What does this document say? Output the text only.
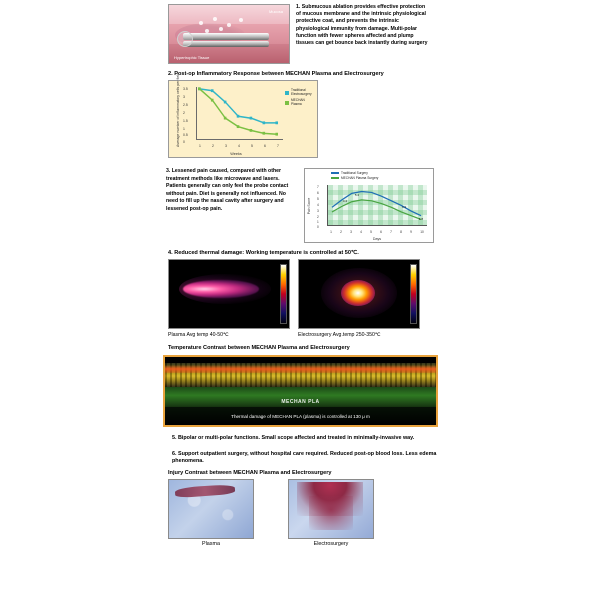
Mucosa
Hypertrophic Tissue
1. Submucous ablation provides effective protection of mucous membrane and the intrinsic physiological protective coat, and prevents the intrinsic physiological immunity from damage. Multi-polar function with fewer spheres affected and plump tissues can get bounce back instantly during surgery
2. Post-op Inflammatory Response between MECHAN Plasma and Electrosurgery
Average number of inflammatory cells per field 3.5
3
2.5
2
1.5
1
0.5
0
1	2	3	4	5	6	7
Weeks
Traditional Electrosurgery
MECHAN Plasma
3. Lessened pain caused, compared with other treatment methods like microwave and lasers. Patients generally can only feel the probe contact without pain. Diet is generally not influenced. No need to fill up the nasal cavity after surgery and lessened post-op pain.
Traditional Surgery
MECHAN Plasma Surgery
Pain Score
7
6
5
4
3
2
1
0
4.4
5.4
4.3
1.8
1	2	3	4	5	6	7	8	9	10
Days
4. Reduced thermal damage: Working temperature is controlled at 50℃.
Plasma Avg temp 40-50℃	Electrosurgery Avg.temp 250-350℃
Temperature Contrast between MECHAN Plasma and Electrosurgery
MECHAN PLA
Thermal damage of MECHAN PLA (plasma) is controlled at 130 μ m
5. Bipolar or multi-polar functions. Small scope affected and treated in minimally-invasive way.
6. Support outpatient surgery, without hospital care required. Reduced post-op blood loss. Less edema phenomena.
Injury Contrast between MECHAN Plasma and Electrosurgery
Plasma	Electrosurgery
